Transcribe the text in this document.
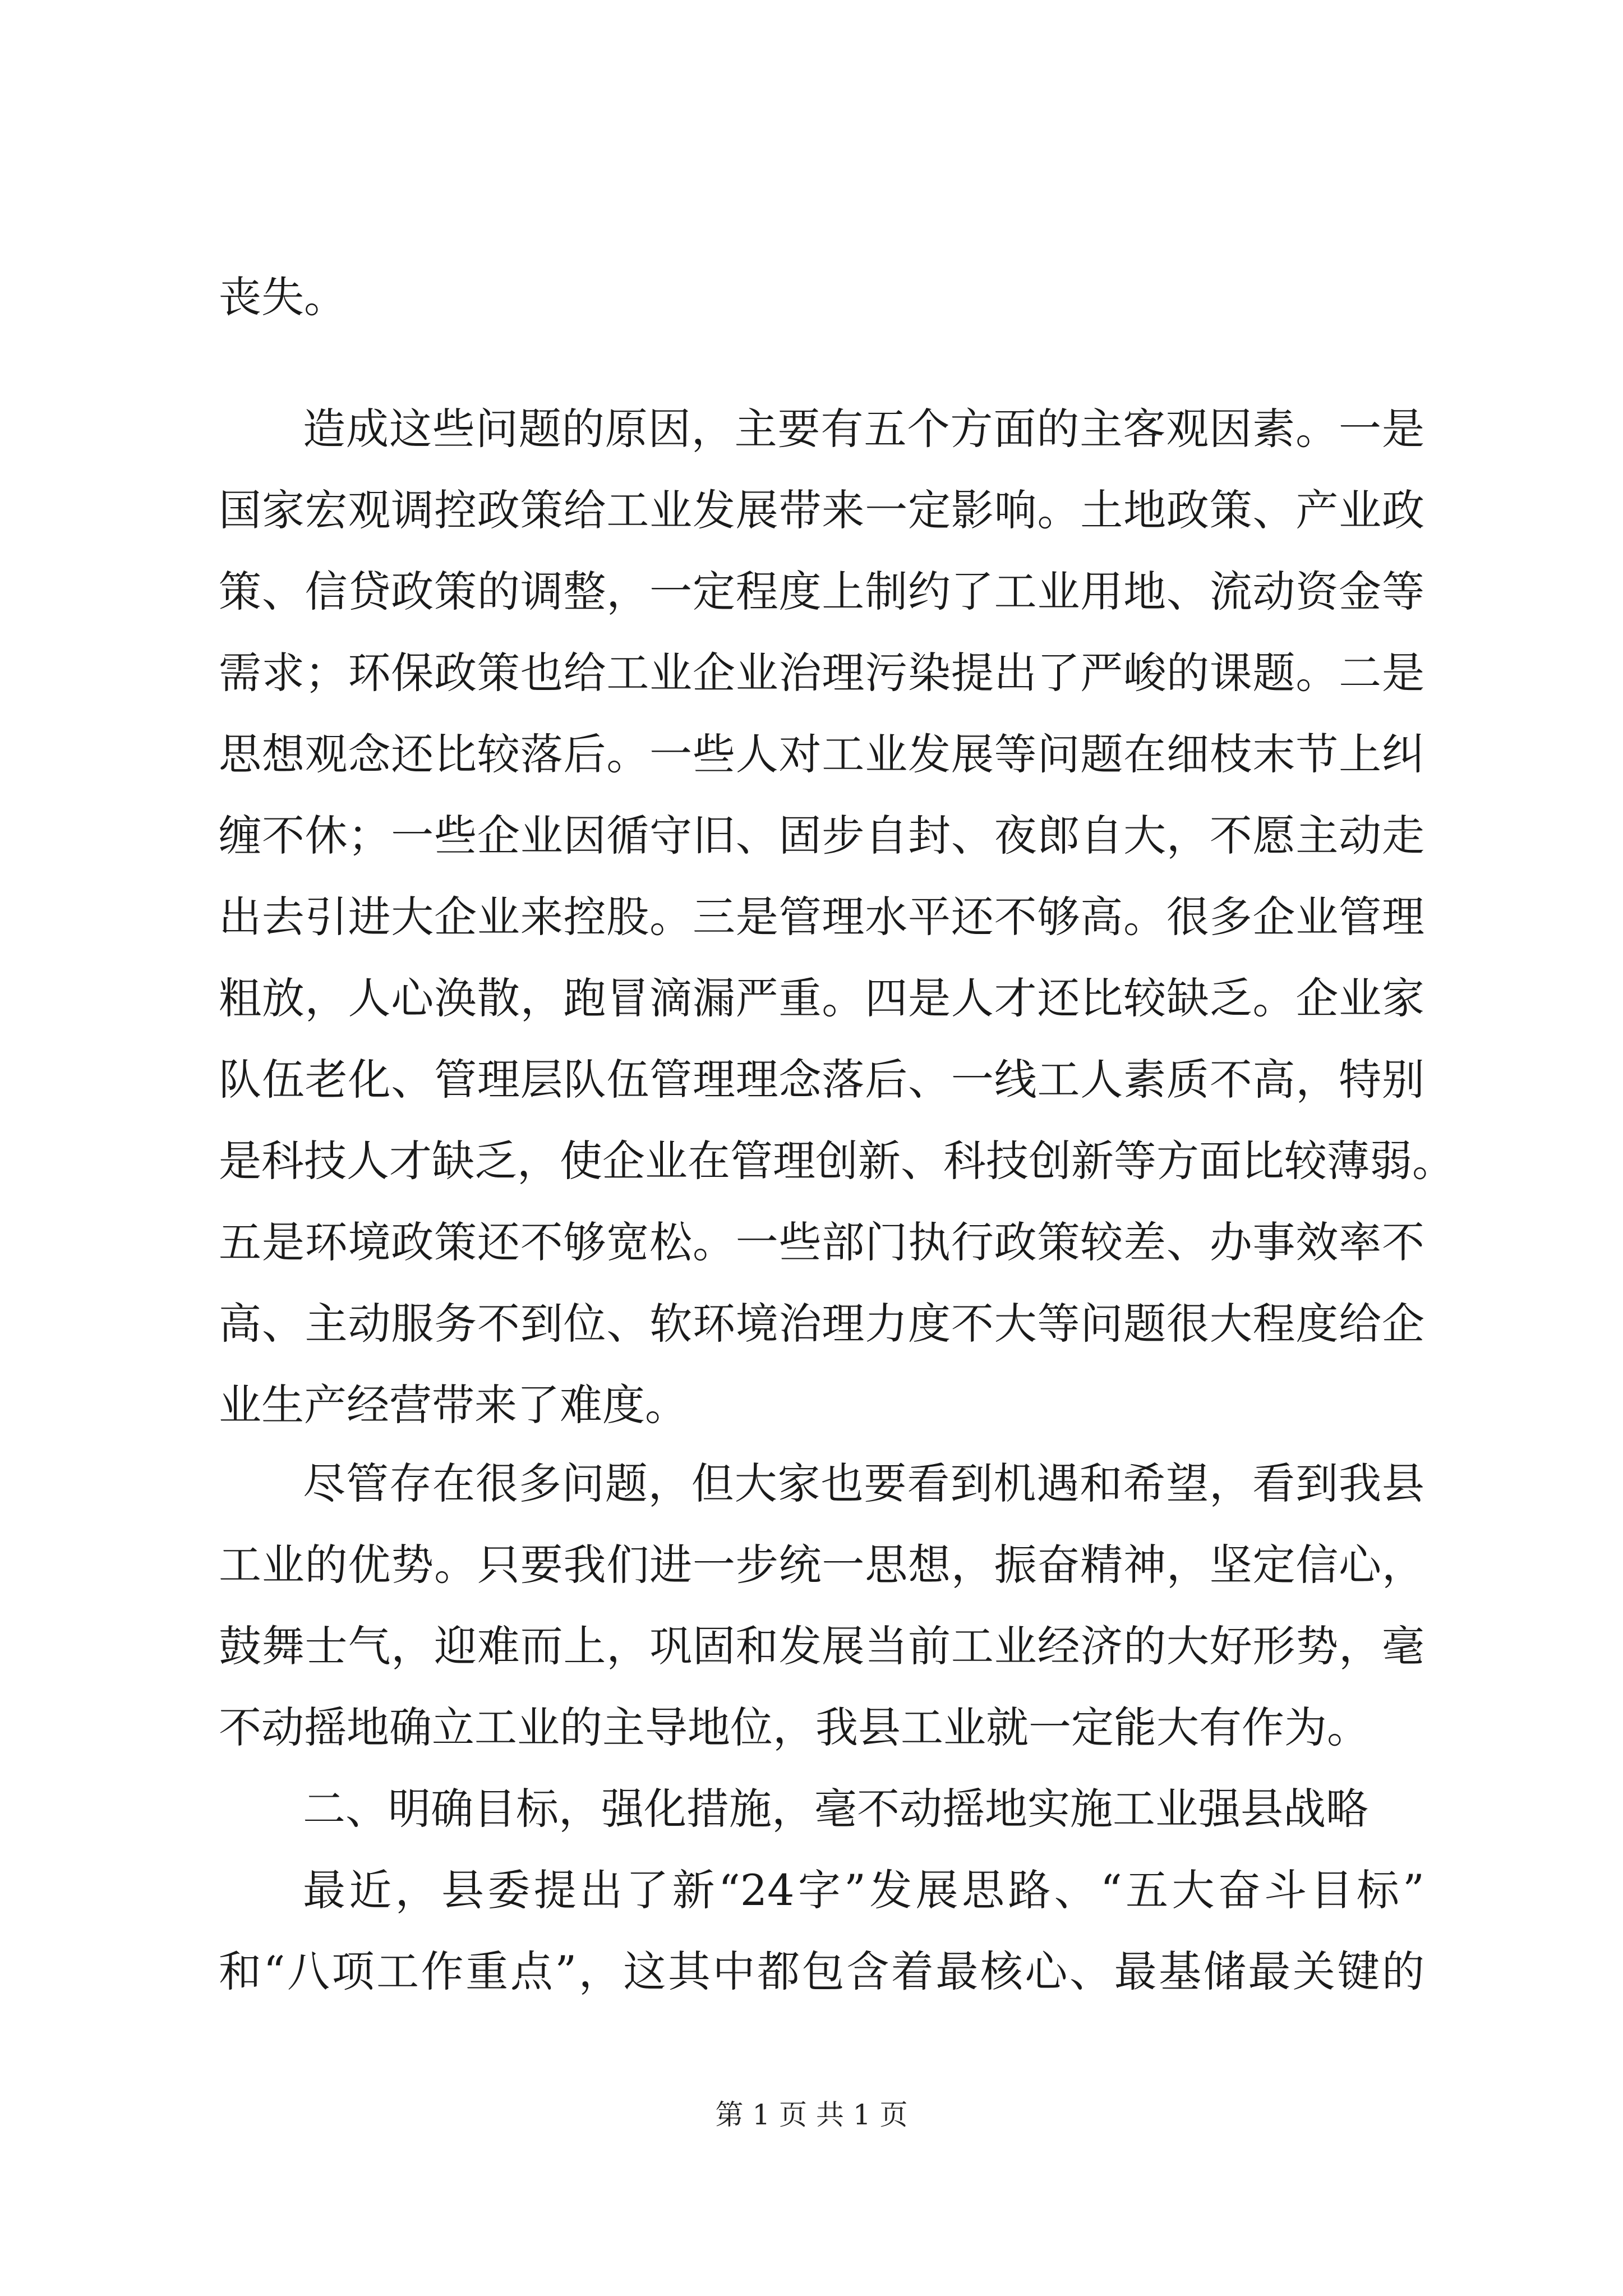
丧失。
造成这些问题的原因，主要有五个方面的主客观因素。一是
国家宏观调控政策给工业发展带来一定影响。土地政策、产业政
策、信贷政策的调整，一定程度上制约了工业用地、流动资金等
需求；环保政策也给工业企业治理污染提出了严峻的课题。二是
思想观念还比较落后。一些人对工业发展等问题在细枝末节上纠
缠不休；一些企业因循守旧、固步自封、夜郎自大，不愿主动走
出去引进大企业来控股。三是管理水平还不够高。很多企业管理
粗放，人心涣散，跑冒滴漏严重。四是人才还比较缺乏。企业家
队伍老化、管理层队伍管理理念落后、一线工人素质不高，特别
是科技人才缺乏，使企业在管理创新、科技创新等方面比较薄弱。
五是环境政策还不够宽松。一些部门执行政策较差、办事效率不
高、主动服务不到位、软环境治理力度不大等问题很大程度给企
业生产经营带来了难度。
尽管存在很多问题，但大家也要看到机遇和希望，看到我县
工业的优势。只要我们进一步统一思想，振奋精神，坚定信心，
鼓舞士气，迎难而上，巩固和发展当前工业经济的大好形势，毫
不动摇地确立工业的主导地位，我县工业就一定能大有作为。
二、明确目标，强化措施，毫不动摇地实施工业强县战略
最近，县委提出了新“24字”发展思路、“五大奋斗目标”
和“八项工作重点”，这其中都包含着最核心、最基储最关键的
第 1 页 共 1 页
